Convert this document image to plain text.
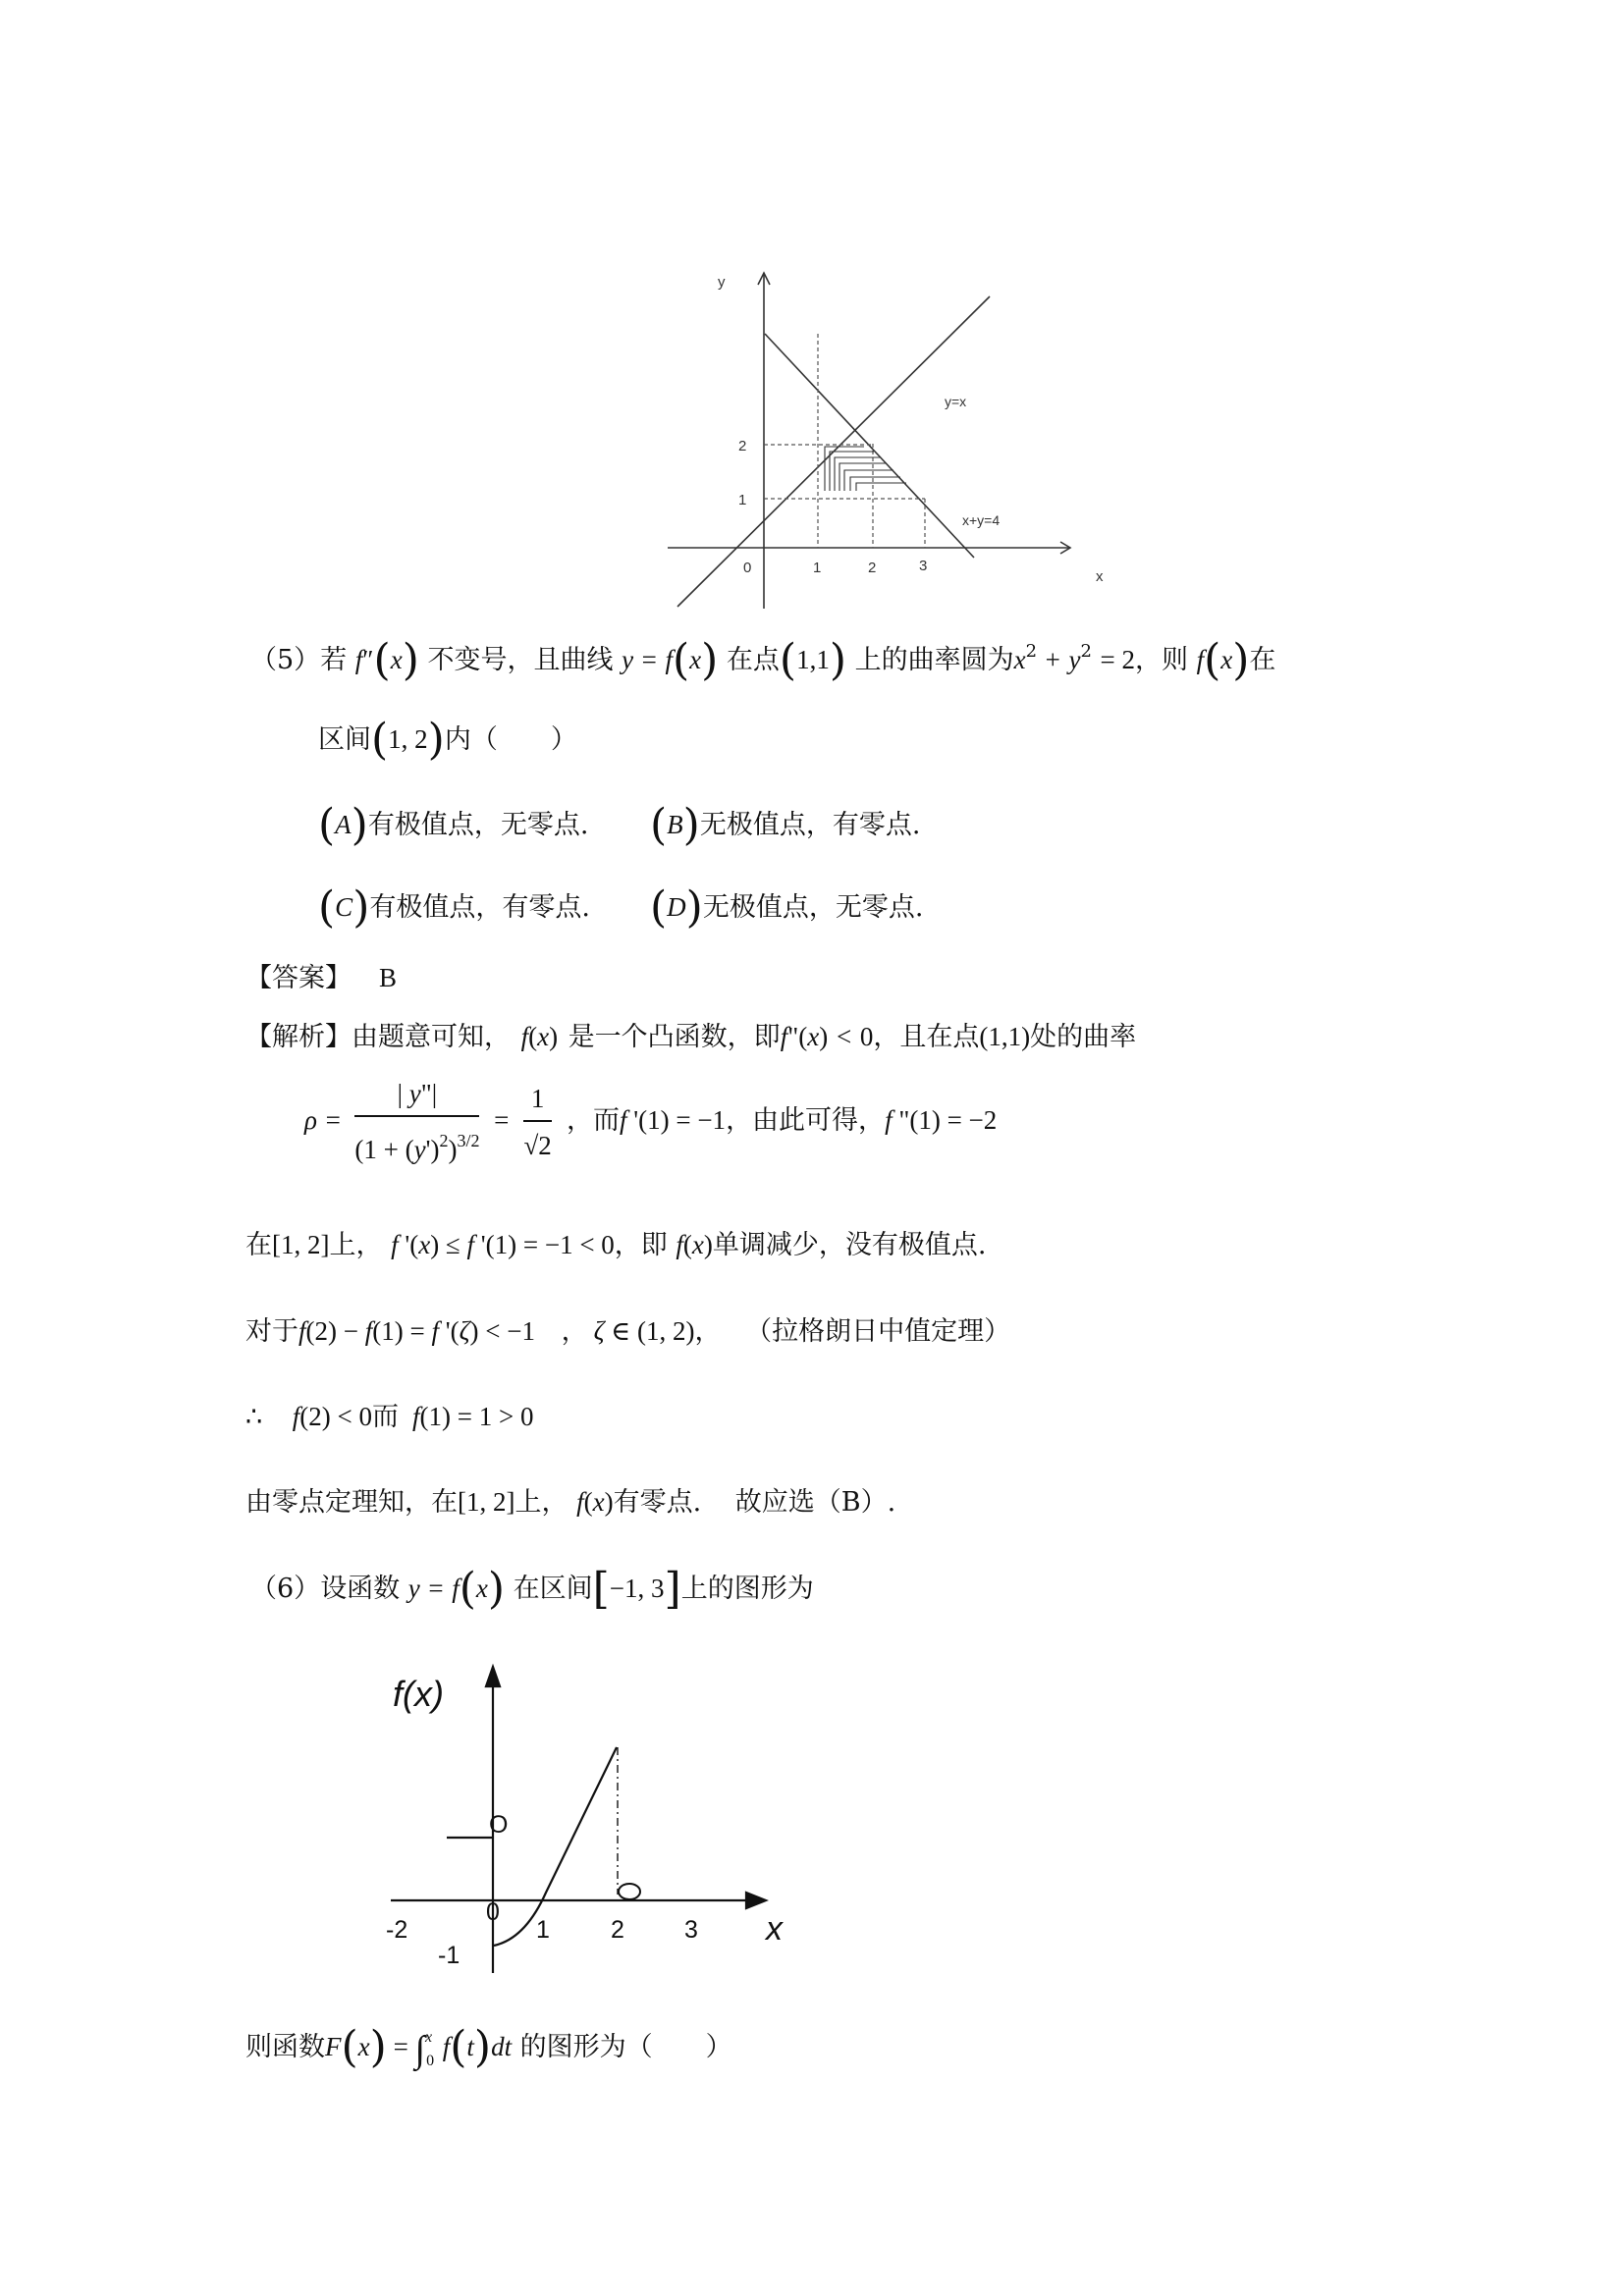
y
x
0	1	2	3
2
1
y=x
x+y=4
（5）若 f″(x) 不变号，且曲线 y = f(x) 在点(1,1) 上的曲率圆为$x^2 + y^2 = 2$，则 f(x)在
区间(1, 2)内（　　）
(A)有极值点，无零点. (B)无极值点，有零点.
(C)有极值点，有零点. (D)无极值点，无零点.
【答案】 B
【解析】由题意可知， f(x) 是一个凸函数，即f"(x) < 0，且在点(1,1)处的曲率
$\rho = \frac{| y"|}{(1 + (y')^2)^{3/2}} = \frac{1}{√2}$ ，而f '(1) = −1，由此可得，f "(1) = −2
在[1, 2]上， f '(x) ≤ f '(1) = −1 < 0，即 f(x)单调减少，没有极值点.
对于f(2) − f(1) = f '(ζ) < −1 ， ζ ∈ (1, 2)， （拉格朗日中值定理）
∴ f(2) < 0而 f(1) = 1 > 0
由零点定理知，在[1, 2]上， f(x)有零点. 故应选（B）.
（6）设函数 y = f(x) 在区间[−1, 3]上的图形为
O
f(x)
x
0
-2	1 2 3
-1
则函数F(x) = ∫$^x_0$ f(t)dt 的图形为（　　）
